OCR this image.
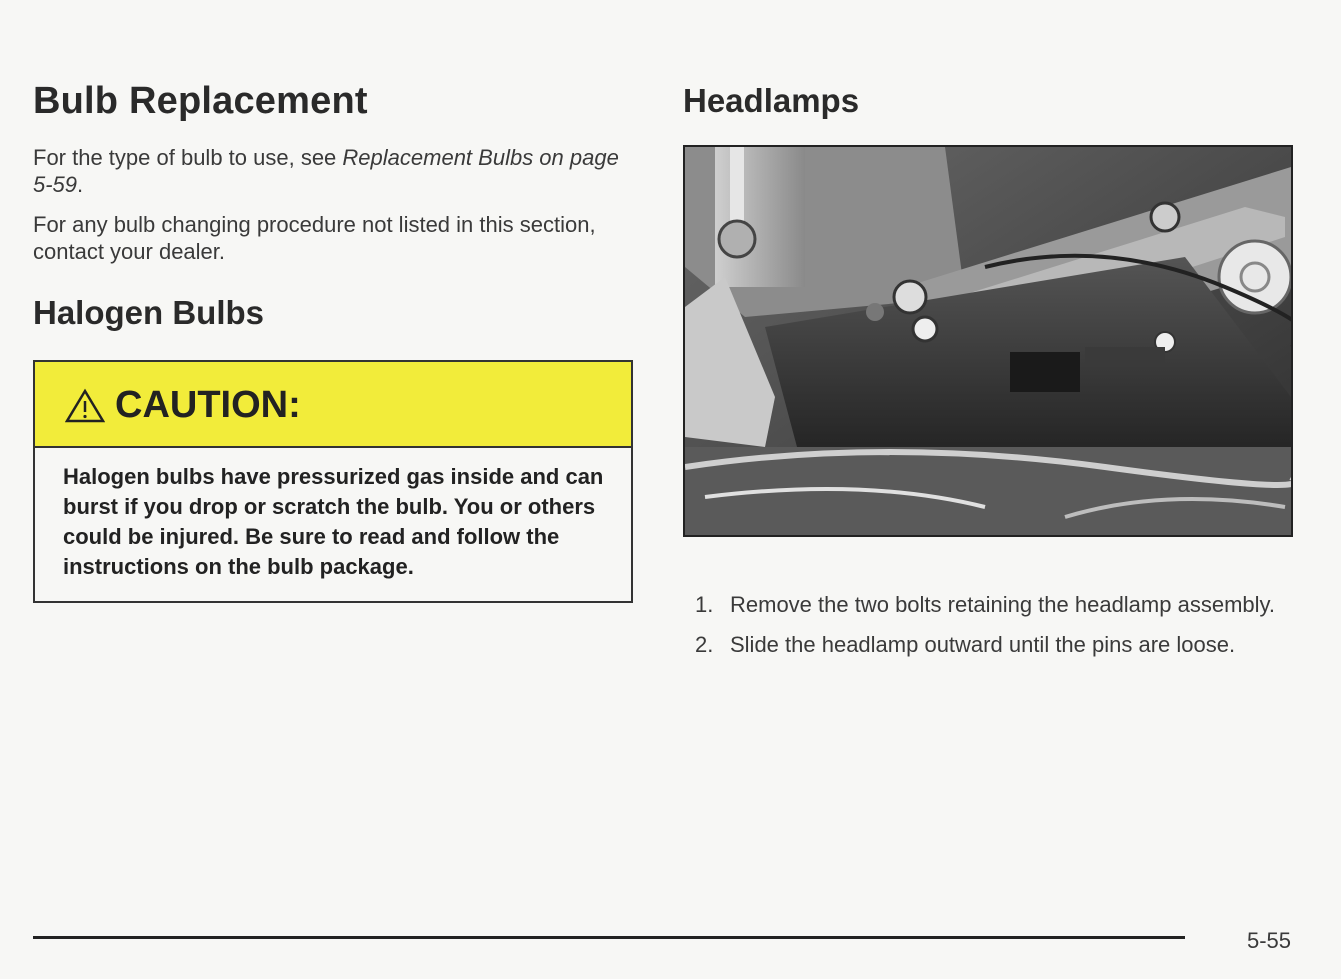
Bulb Replacement
For the type of bulb to use, see Replacement Bulbs on page 5-59.
For any bulb changing procedure not listed in this section, contact your dealer.
Halogen Bulbs
CAUTION:
Halogen bulbs have pressurized gas inside and can burst if you drop or scratch the bulb. You or others could be injured. Be sure to read and follow the instructions on the bulb package.
Headlamps
1. Remove the two bolts retaining the headlamp assembly.
2. Slide the headlamp outward until the pins are loose.
5-55
